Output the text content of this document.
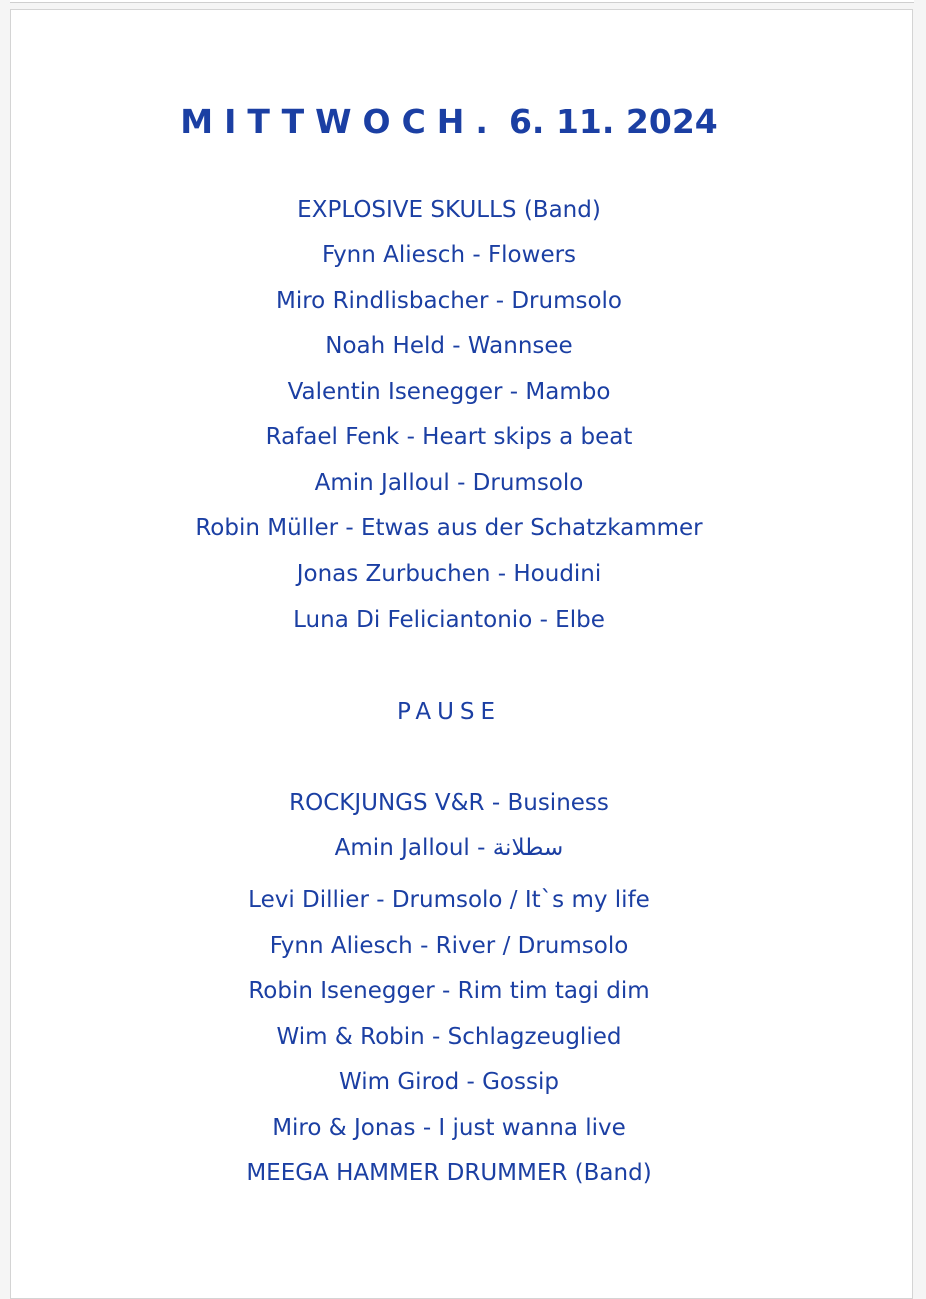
MITTWOCH. 6. 11. 2024
EXPLOSIVE SKULLS (Band)
Fynn Aliesch - Flowers
Miro Rindlisbacher - Drumsolo
Noah Held - Wannsee
Valentin Isenegger - Mambo
Rafael Fenk - Heart skips a beat
Amin Jalloul - Drumsolo
Robin Müller - Etwas aus der Schatzkammer
Jonas Zurbuchen - Houdini
Luna Di Feliciantonio - Elbe
PAUSE
ROCKJUNGS V&R - Business
Amin Jalloul - سطلانة
Levi Dillier - Drumsolo / It`s my life
Fynn Aliesch - River / Drumsolo
Robin Isenegger - Rim tim tagi dim
Wim & Robin - Schlagzeuglied
Wim Girod - Gossip
Miro & Jonas - I just wanna live
MEEGA HAMMER DRUMMER (Band)
